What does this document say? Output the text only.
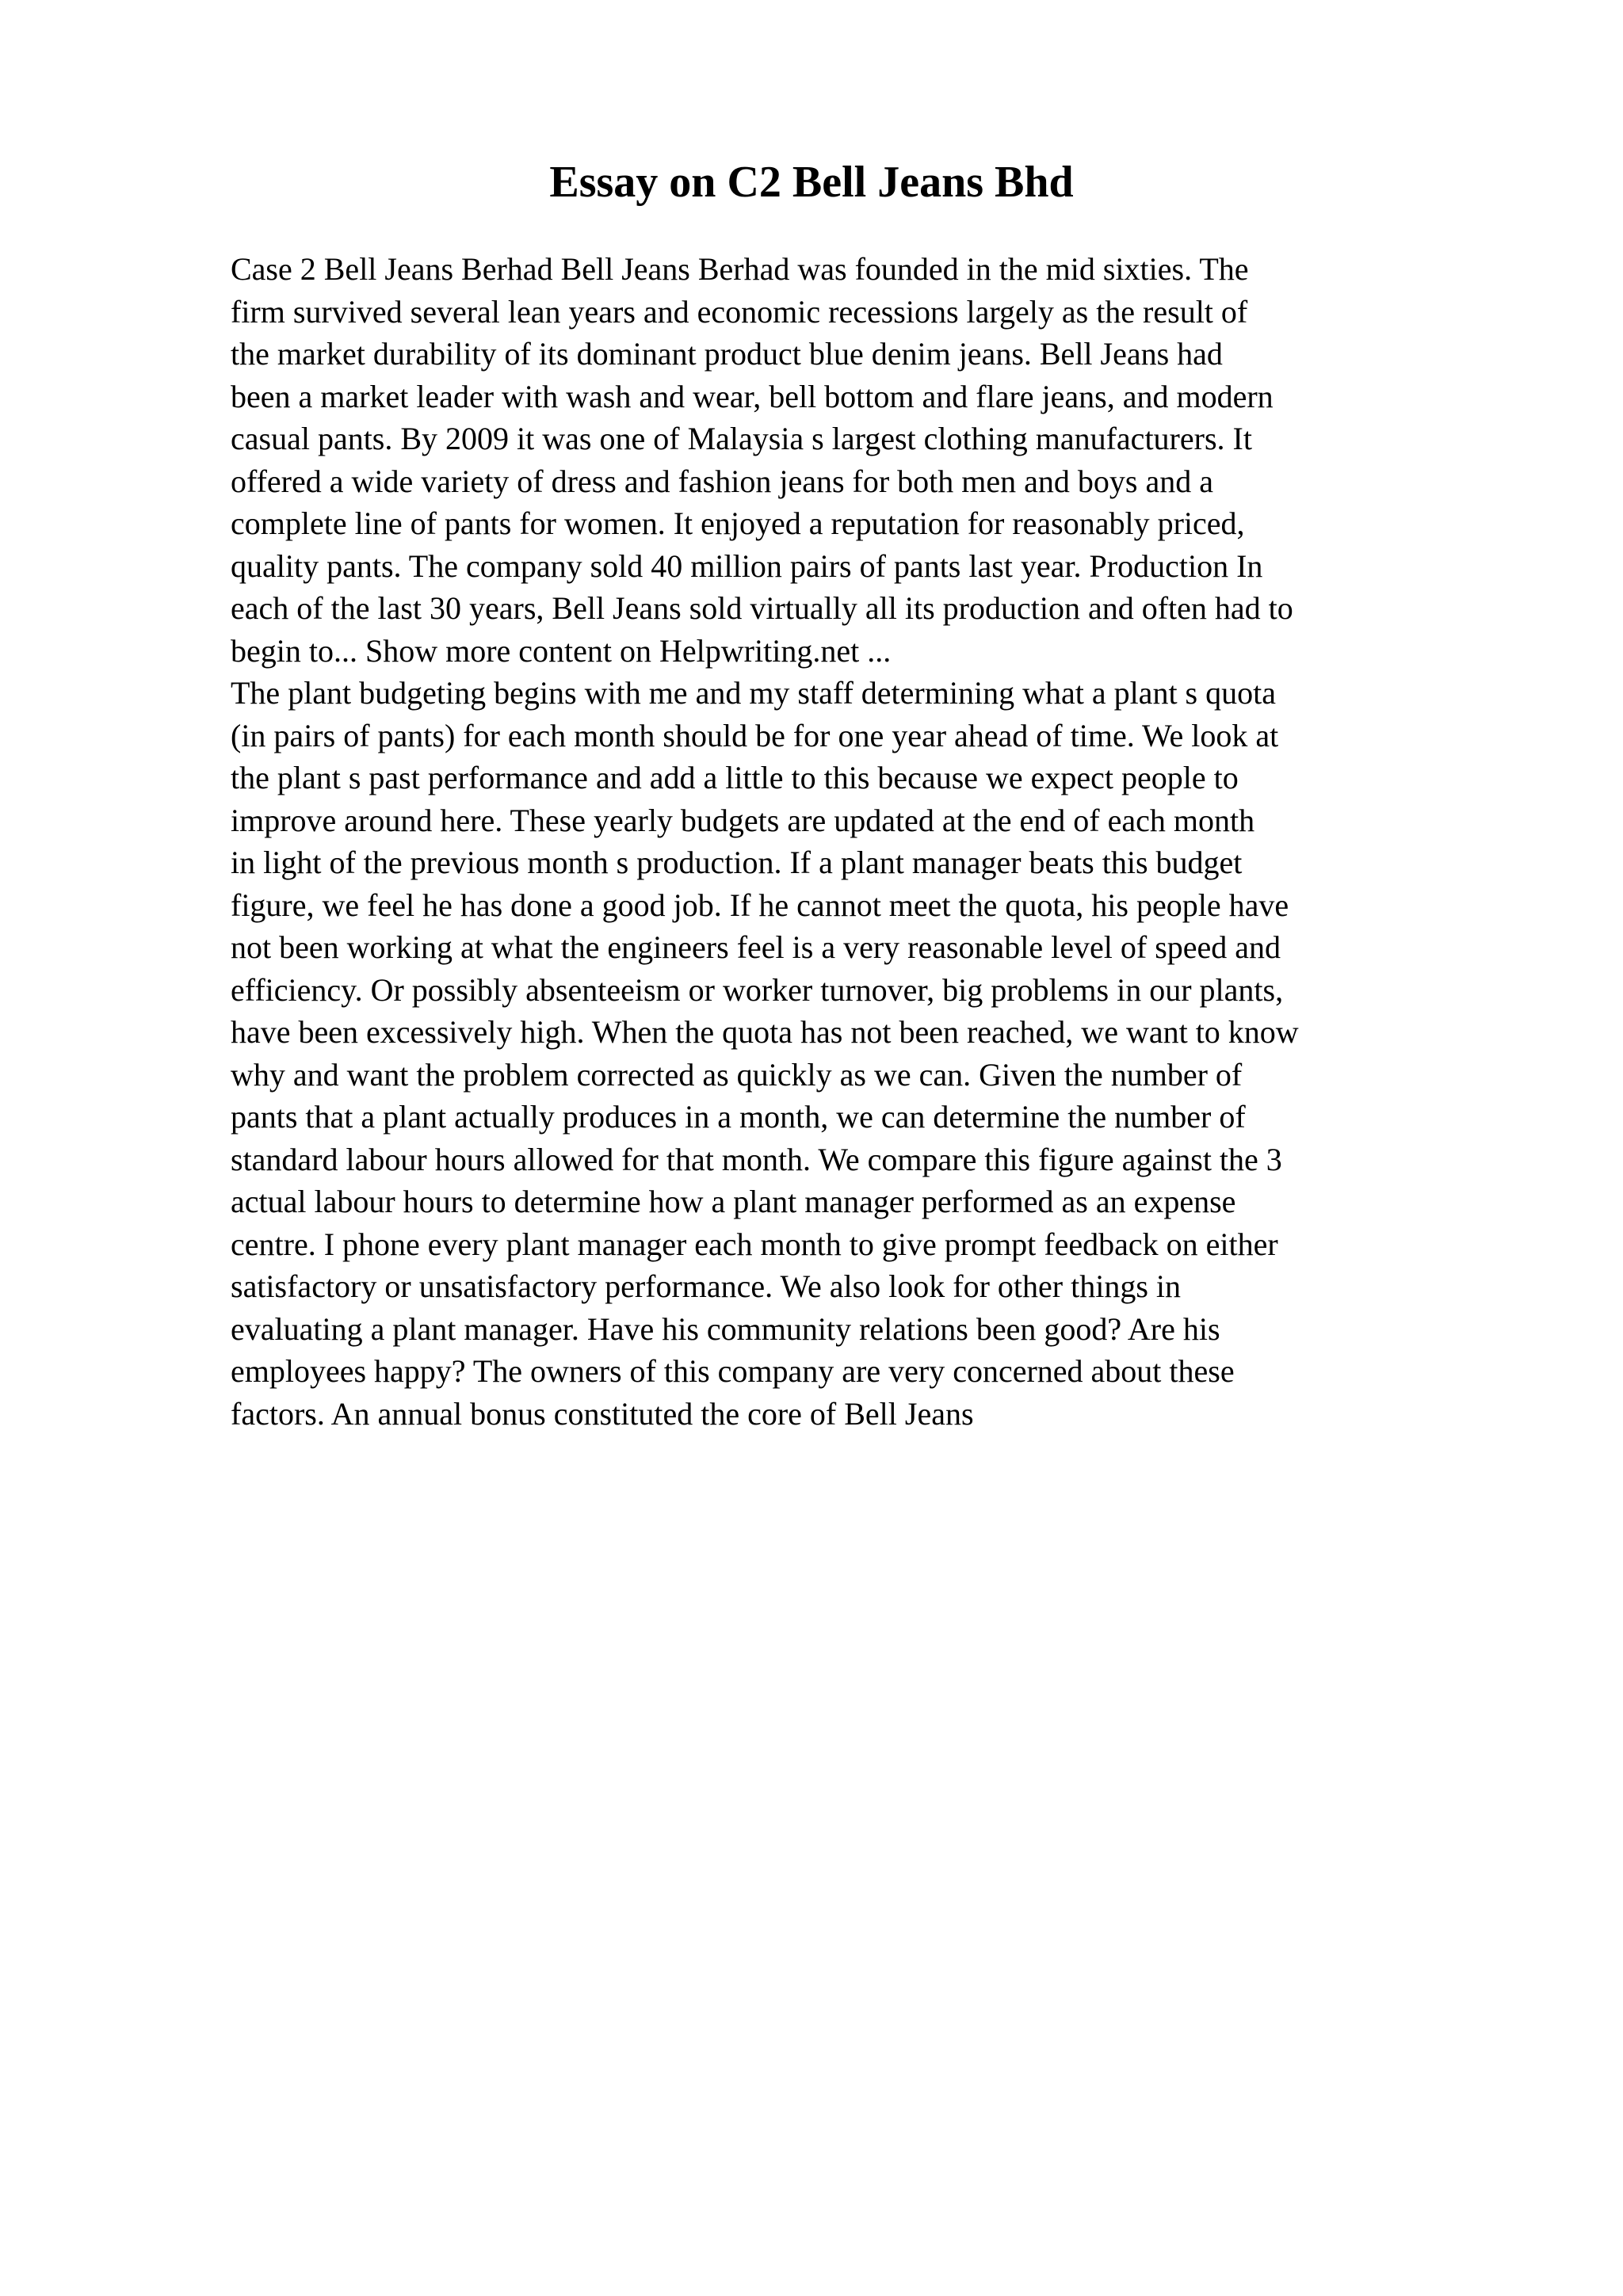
Essay on C2 Bell Jeans Bhd
Case 2 Bell Jeans Berhad Bell Jeans Berhad was founded in the mid sixties. The
firm survived several lean years and economic recessions largely as the result of
the market durability of its dominant product blue denim jeans. Bell Jeans had
been a market leader with wash and wear, bell bottom and flare jeans, and modern
casual pants. By 2009 it was one of Malaysia s largest clothing manufacturers. It
offered a wide variety of dress and fashion jeans for both men and boys and a
complete line of pants for women. It enjoyed a reputation for reasonably priced,
quality pants. The company sold 40 million pairs of pants last year. Production In
each of the last 30 years, Bell Jeans sold virtually all its production and often had to
begin to... Show more content on Helpwriting.net ...
The plant budgeting begins with me and my staff determining what a plant s quota
(in pairs of pants) for each month should be for one year ahead of time. We look at
the plant s past performance and add a little to this because we expect people to
improve around here. These yearly budgets are updated at the end of each month
in light of the previous month s production. If a plant manager beats this budget
figure, we feel he has done a good job. If he cannot meet the quota, his people have
not been working at what the engineers feel is a very reasonable level of speed and
efficiency. Or possibly absenteeism or worker turnover, big problems in our plants,
have been excessively high. When the quota has not been reached, we want to know
why and want the problem corrected as quickly as we can. Given the number of
pants that a plant actually produces in a month, we can determine the number of
standard labour hours allowed for that month. We compare this figure against the 3
actual labour hours to determine how a plant manager performed as an expense
centre. I phone every plant manager each month to give prompt feedback on either
satisfactory or unsatisfactory performance. We also look for other things in
evaluating a plant manager. Have his community relations been good? Are his
employees happy? The owners of this company are very concerned about these
factors. An annual bonus constituted the core of Bell Jeans
